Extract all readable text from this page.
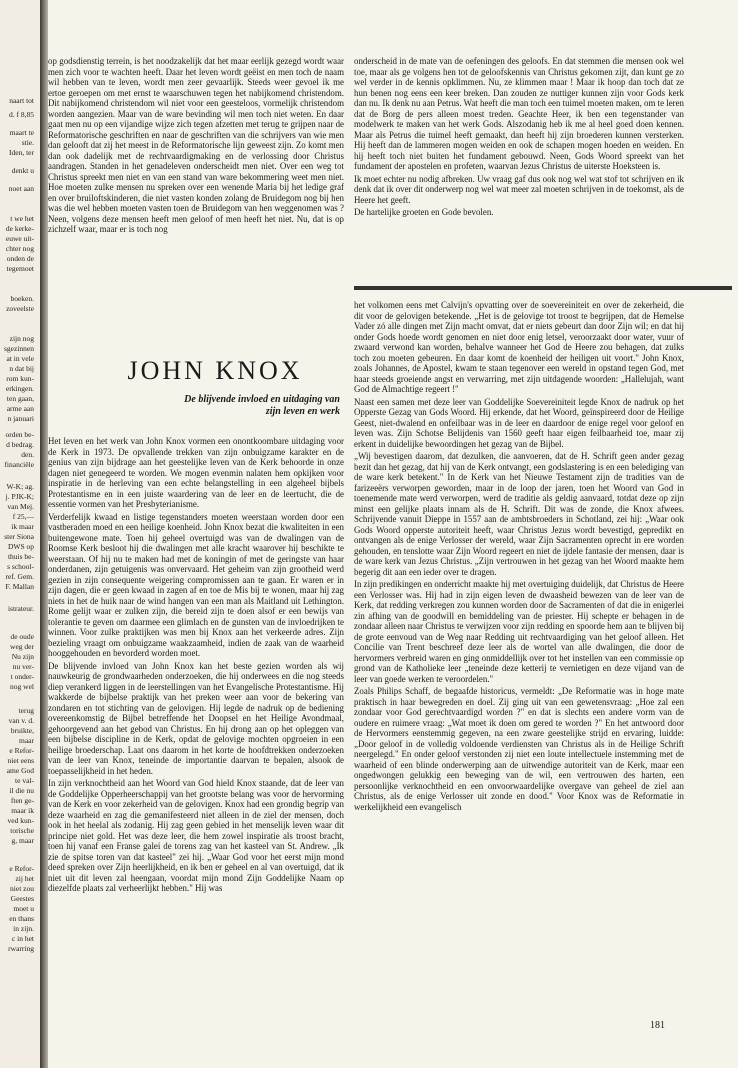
naart tot
d. f 8,85
maart te
stie.
Iden, ter
denkt u
noet aan
t we het
de kerke-
euwe uit-
chter nog
onden de
tegemoet
boeken.
zoveelste
zijn nog
sgezinnen
at in vele
n dat bij
rom kun-
erkingen.
ten gaan,
arme aan
n januari
orden be-
d bedrag.
den.
financiële
W-K; ag.
j. PJK-K;
van Mej.
f 25,—
ik maar
ster Siona
DWS op
thuis be-
s school-
ref. Gem.
F. Mallan
istrateur.
de oude
weg der
Nu zijn
nu ver-
t onder-
nog wel
terug
van v. d.
bruikte,
maar
e Refor-
niet eens
ame God
te val-
il die nu
ften ge-
maar ik
ved kun-
torische
g, maar
e Refor-
zij het
niet zou
Geestes
moet u
en thans
in zijn.
c in het
rwarring

op godsdienstig terrein, is het noodzakelijk dat het maar eerlijk gezegd wordt waar men zich voor te wachten heeft. Daar het leven wordt geëist en men toch de naam wil hebben van te leven, wordt men zeer gevaarlijk. Steeds weer gevoel ik me ertoe geroepen om met ernst te waarschuwen tegen het nabijkomend christendom. Dit nabijkomend christendom wil niet voor een geesteloos, vormelijk christendom worden aangezien. Maar van de ware bevinding wil men toch niet weten. En daar gaat men nu op een vijandige wijze zich tegen afzetten met terug te grijpen naar de Reformatorische geschriften en naar de geschriften van die schrijvers van wie men dan gelooft dat zij het meest in de Reformatorische lijn geweest zijn. Zo komt men dan ook dadelijk met de rechtvaardigmaking en de verlossing door Christus aandragen. Standen in het genadeleven onderscheidt men niet. Over een weg tot Christus spreekt men niet en van een stand van ware bekommering weet men niet. Hoe moeten zulke mensen nu spreken over een wenende Maria bij het ledige graf en over bruiloftskinderen, die niet vasten konden zolang de Bruidegom nog bij hen was die wel hebben moeten vasten toen de Bruidegom van hen weggenomen was ? Neen, volgens deze mensen heeft men geloof of men heeft het niet. Nu, dat is op zichzelf waar, maar er is toch nog

onderscheid in de mate van de oefeningen des geloofs. En dat stemmen die mensen ook wel toe, maar als ge volgens hen tot de geloofskennis van Christus gekomen zijt, dan kunt ge zo wel verder in de kennis opklimmen. Nu, ze klimmen maar ! Maar ik hoop dan toch dat ze hun benen nog eens een keer breken. Dan zouden ze nuttiger kunnen zijn voor Gods kerk dan nu. Ik denk nu aan Petrus. Wat heeft die man toch een tuimel moeten maken, om te leren dat de Borg de pers alleen moest treden. Geachte Heer, ik ben een tegenstander van modelwerk te maken van het werk Gods. Alszodanig heb ik me al heel goed doen kennen. Maar als Petrus die tuimel heeft gemaakt, dan heeft hij zijn broederen kunnen versterken. Hij heeft dan de lammeren mogen weiden en ook de schapen mogen hoeden en weiden. En hij heeft toch niet buiten het fundament gebouwd. Neen, Gods Woord spreekt van het fundament der apostelen en profeten, waarvan Jezus Christus de uiterste Hoeksteen is.

Ik moet echter nu nodig afbreken. Uw vraag gaf dus ook nog wel wat stof tot schrijven en ik denk dat ik over dit onderwerp nog wel wat meer zal moeten schrijven in de toekomst, als de Heere het geeft.

De hartelijke groeten en Gode bevolen.

JOHN KNOX
De blijvende invloed en uitdaging van zijn leven en werk

Het leven en het werk van John Knox vormen een onontkoombare uitdaging voor de Kerk in 1973. De opvallende trekken van zijn onbuigzame karakter en de genius van zijn bijdrage aan het geestelijke leven van de Kerk behoorde in onze dagen niet genegeerd te worden. We mogen evenmin nalaten hem opkijken voor inspiratie in de herleving van een echte belangstelling in een algeheel bijbels Protestantisme en in een juiste waardering van de leer en de leertucht, die de essentie vormen van het Presbyterianisme.

Verderfelijk kwaad en listige tegenstanders moeten weerstaan worden door een vastberaden moed en een heilige koenheid. John Knox bezat die kwaliteiten in een buitengewone mate. Toen hij geheel overtuigd was van de dwalingen van de Roomse Kerk besloot hij die dwalingen met alle kracht waarover hij beschikte te weerstaan. Of hij nu te maken had met de koningin of met de geringste van haar onderdanen, zijn getuigenis was onvervaard. Het geheim van zijn grootheid werd gezien in zijn consequente weigering compromissen aan te gaan. Er waren er in zijn dagen, die er geen kwaad in zagen af en toe de Mis bij te wonen, maar hij zag niets in het de huik naar de wind hangen van een man als Maitland uit Lethington. Rome gelijt waar er zulken zijn, die bereid zijn te doen alsof er een bewijs van tolerantie te geven om daarmee een glimlach en de gunsten van de invloedrijken te winnen. Voor zulke praktijken was men bij Knox aan het verkeerde adres. Zijn bezieling vraagt om onbuigzame waakzaamheid, indien de zaak van de waarheid hooggehouden en bevorderd worden moet.

De blijvende invloed van John Knox kan het beste gezien worden als wij nauwkeurig de grondwaarheden onderzoeken, die hij onderwees en die nog steeds diep verankerd liggen in de leerstellingen van het Evangelische Protestantisme. Hij wakkerde de bijbelse praktijk van het preken weer aan voor de bekering van zondaren en tot stichting van de gelovigen. Hij legde de nadruk op de bediening overeenkomstig de Bijbel betreffende het Doopsel en het Heilige Avondmaal, gehoorgevend aan het gebod van Christus. En hij drong aan op het opleggen van een bijbelse discipline in de Kerk, opdat de gelovige mochten opgroeien in een heilige broederschap. Laat ons daarom in het korte de hoofdtrekken onderzoeken van de leer van Knox, teneinde de importantie daarvan te bepalen, alsook de toepasselijkheid in het heden.

In zijn verknochtheid aan het Woord van God hield Knox staande, dat de leer van de Goddelijke Opperheerschappij van het grootste belang was voor de hervorming van de Kerk en voor zekerheid van de gelovigen. Knox had een grondig begrip van deze waarheid en zag die gemanifesteerd niet alleen in de ziel der mensen, doch ook in het heelal als zodanig. Hij zag geen gebied in het menselijk leven waar dit principe niet gold. Het was deze leer, die hem zowel inspiratie als troost bracht, toen hij vanaf een Franse galei de torens zag van het kasteel van St. Andrew. „Ik zie de spitse toren van dat kasteel" zei hij. „Waar God voor het eerst mijn mond deed spreken over Zijn heerlijkheid, en ik ben er geheel en al van overtuigd, dat ik niet uit dit leven zal heengaan, voordat mijn mond Zijn Goddelijke Naam op diezelfde plaats zal verheerlijkt hebben." Hij was

het volkomen eens met Calvijn's opvatting over de soevereiniteit en over de zekerheid, die dit voor de gelovigen betekende. „Het is de gelovige tot troost te begrijpen, dat de Hemelse Vader zó alle dingen met Zijn macht omvat, dat er niets gebeurt dan door Zijn wil; en dat hij onder Gods hoede wordt genomen en niet door enig letsel, veroorzaakt door water, vuur of zwaard verwond kan worden, behalve wanneer het God de Heere zou behagen, dat zulks toch zou moeten gebeuren. En daar komt de koenheid der heiligen uit voort." John Knox, zoals Johannes, de Apostel, kwam te staan tegenover een wereld in opstand tegen God, met haar steeds groeiende angst en verwarring, met zijn uitdagende woorden: „Hallelujah, want God de Almachtige regeert !"

Naast een samen met deze leer van Goddelijke Soevereiniteit legde Knox de nadruk op het Opperste Gezag van Gods Woord. Hij erkende, dat het Woord, geïnspireerd door de Heilige Geest, niet-dwalend en onfeilbaar was in de leer en daardoor de enige regel voor geloof en leven was. Zijn Schotse Belijdenis van 1560 geeft haar eigen feilbaarheid toe, maar zij erkent in duidelijke bewoordingen het gezag van de Bijbel.

„Wij bevestigen daarom, dat dezulken, die aanvoeren, dat de H. Schrift geen ander gezag bezit dan het gezag, dat hij van de Kerk ontvangt, een godslastering is en een belediging van de ware kerk betekent." In de Kerk van het Nieuwe Testament zijn de tradities van de farizeeërs verworpen geworden, maar in de loop der jaren, toen het Woord van God in toenemende mate werd verworpen, werd de traditie als geldig aanvaard, totdat deze op zijn minst een gelijke plaats innam als de H. Schrift. Dit was de zonde, die Knox afwees. Schrijvende vanuit Dieppe in 1557 aan de ambtsbroeders in Schotland, zei hij: „Waar ook Gods Woord opperste autoriteit heeft, waar Christus Jezus wordt bevestigd, gepredikt en ontvangen als de enige Verlosser der wereld, waar Zijn Sacramenten oprecht in ere worden gehouden, en tenslotte waar Zijn Woord regeert en niet de ijdele fantasie der mensen, daar is de ware kerk van Jezus Christus. „Zijn vertrouwen in het gezag van het Woord maakte hem begerig dit aan een ieder over te dragen.

In zijn predikingen en onderricht maakte hij met overtuiging duidelijk, dat Christus de Heere een Verlosser was. Hij had in zijn eigen leven de dwaasheid bewezen van de leer van de Kerk, dat redding verkregen zou kunnen worden door de Sacramenten of dat die in enigerlei zin afhing van de goodwill en bemiddeling van de priester. Hij schepte er behagen in de zondaar alleen naar Christus te verwijzen voor zijn redding en spoorde hem aan te blijven bij de grote eenvoud van de Weg naar Redding uit rechtvaardiging van het geloof alleen. Het Concilie van Trent beschreef deze leer als de wortel van alle dwalingen, die door de hervormers verbreid waren en ging onmiddellijk over tot het instellen van een commissie op grond van de Katholieke leer „teneinde deze ketterij te vernietigen en deze vijand van de leer van goede werken te veroordelen."

Zoals Philips Schaff, de begaafde historicus, vermeldt: „De Reformatie was in hoge mate praktisch in haar bewegreden en doel. Zij ging uit van een gewetensvraag: „Hoe zal een zondaar voor God gerechtvaardigd worden ?" en dat is slechts een andere vorm van de oudere en ruimere vraag: „Wat moet ik doen om gered te worden ?" En het antwoord door de Hervormers eenstemmig gegeven, na een zware geestelijke strijd en ervaring, luidde: „Door geloof in de volledig voldoende verdiensten van Christus als in de Heilige Schrift neergelegd." En onder geloof verstonden zij niet een loute intellectuele instemming met de waarheid of een blinde onderwerping aan de uitwendige autoriteit van de Kerk, maar een ongedwongen gelukkig een beweging van de wil, een vertrouwen des harten, een persoonlijke verknochtheid en een onvoorwaardelijke overgave van geheel de ziel aan Christus, als de enige Verlosser uit zonde en dood." Voor Knox was de Reformatie in werkelijkheid een evangelisch

181
